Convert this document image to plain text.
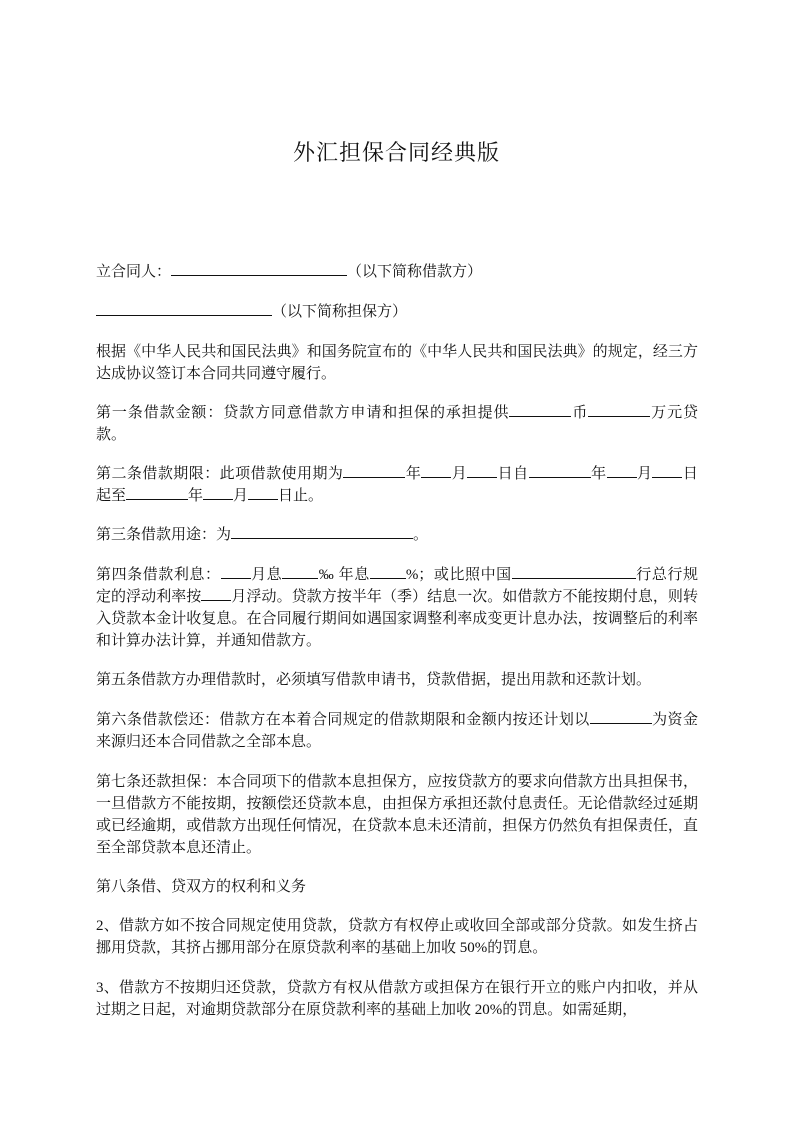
外汇担保合同经典版
立合同人：	（以下简称借款方）
（以下简称担保方）
根据《中华人民共和国民法典》和国务院宣布的《中华人民共和国民法典》的规定，经三方达成协议签订本合同共同遵守履行。
第一条借款金额：贷款方同意借款方申请和担保的承担提供	币	万元贷款。
第二条借款期限：此项借款使用期为	年 月 日自	年 月 日起至	年 月 日止。
第三条借款用途：为	。
第四条借款利息： 月息 ‰ 年息 %；或比照中国	行总行规定的浮动利率按 月浮动。贷款方按半年（季）结息一次。如借款方不能按期付息，则转入贷款本金计收复息。在合同履行期间如遇国家调整利率成变更计息办法，按调整后的利率和计算办法计算，并通知借款方。
第五条借款方办理借款时，必须填写借款申请书，贷款借据，提出用款和还款计划。
第六条借款偿还：借款方在本着合同规定的借款期限和金额内按还计划以	为资金来源归还本合同借款之全部本息。
第七条还款担保：本合同项下的借款本息担保方，应按贷款方的要求向借款方出具担保书，一旦借款方不能按期，按额偿还贷款本息，由担保方承担还款付息责任。无论借款经过延期或已经逾期，或借款方出现任何情况，在贷款本息未还清前，担保方仍然负有担保责任，直至全部贷款本息还清止。
第八条借、贷双方的权利和义务
2、借款方如不按合同规定使用贷款，贷款方有权停止或收回全部或部分贷款。如发生挤占挪用贷款，其挤占挪用部分在原贷款利率的基础上加收 50%的罚息。
3、借款方不按期归还贷款，贷款方有权从借款方或担保方在银行开立的账户内扣收，并从过期之日起，对逾期贷款部分在原贷款利率的基础上加收 20%的罚息。如需延期，
